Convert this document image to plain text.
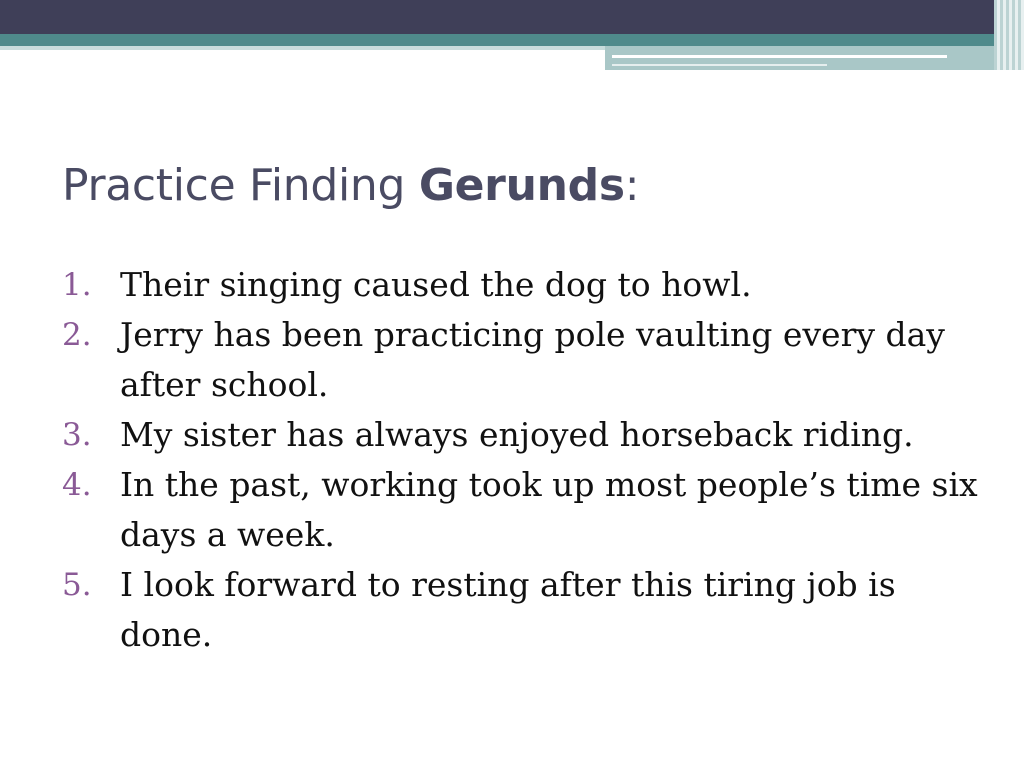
Practice Finding Gerunds:
1. Their singing caused the dog to howl.
2. Jerry has been practicing pole vaulting every day after school.
3. My sister has always enjoyed horseback riding.
4. In the past, working took up most people’s time six days a week.
5. I look forward to resting after this tiring job is done.
